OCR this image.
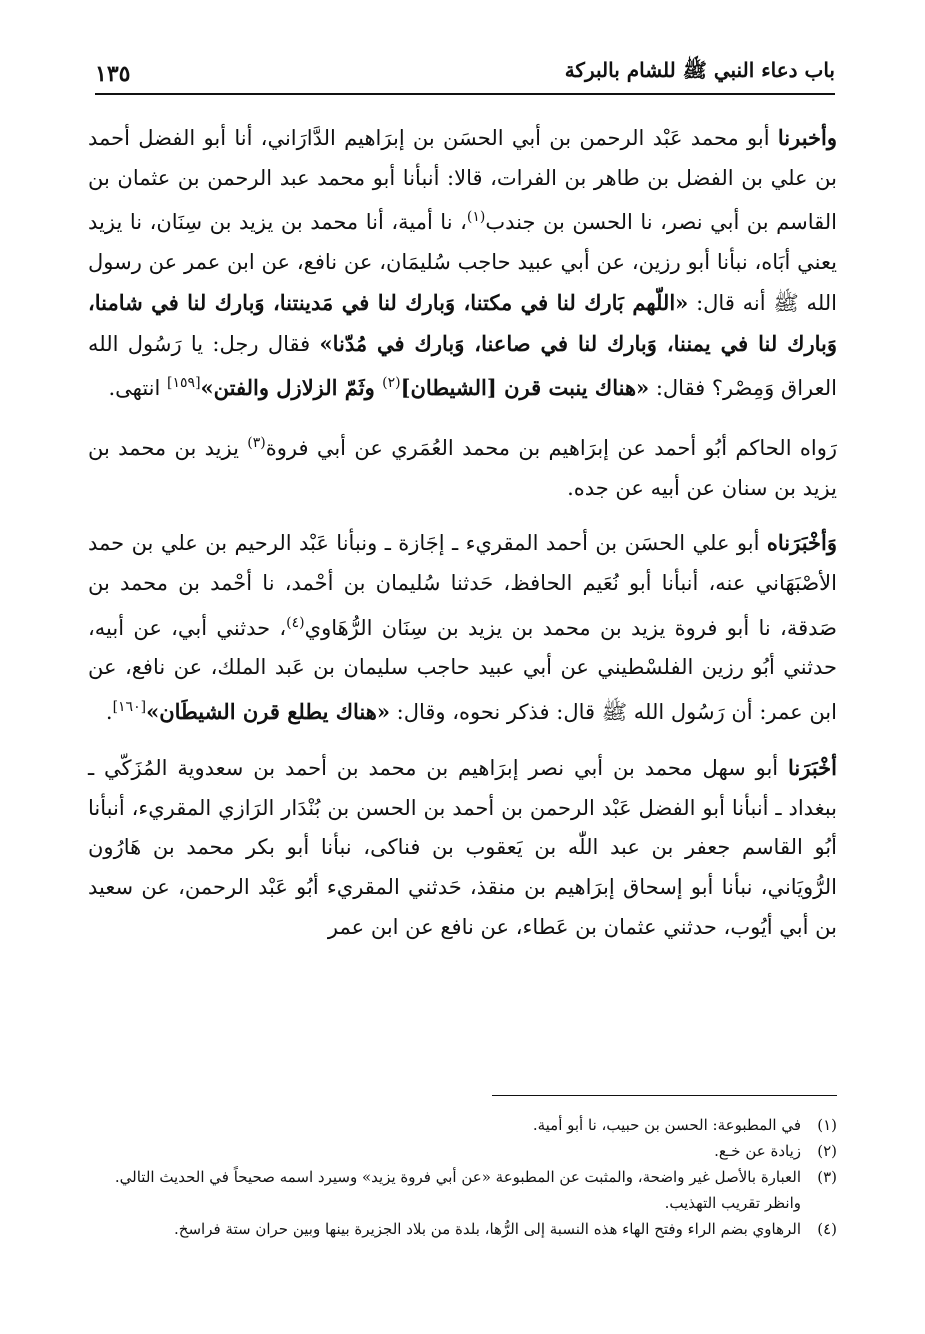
باب دعاء النبي ﷺ للشام بالبركة
١٣٥

وأخبرنا أبو محمد عَبْد الرحمن بن أبي الحسَن بن إبرَاهيم الدَّارَاني، أنا أبو الفضل أحمد بن علي بن الفضل بن طاهر بن الفرات، قالا: أنبأنا أبو محمد عبد الرحمن بن عثمان بن القاسم بن أبي نصر، نا الحسن بن جندب$^{(١)}$، نا أمية، أنا محمد بن يزيد بن سِنَان، نا يزيد يعني أبَاه، نبأنا أبو رزين، عن أبي عبيد حاجب سُليمَان، عن نافع، عن ابن عمر عن رسول الله ﷺ أنه قال: «اللّهم بَارك لنا في مكتنا، وَبارك لنا في مَدينتنا، وَبارك لنا في شامنا، وَبارك لنا في يمننا، وَبارك لنا في صاعنا، وَبارك في مُدّنا» فقال رجل: يا رَسُول الله العراق وَمِصْر؟ فقال: «هناك ينبت قرن [الشيطان]$^{(٢)}$ وثَمّ الزلازل والفتن»[١٥٩] انتهى.

رَواه الحاكم أبُو أحمد عن إبرَاهيم بن محمد العُمَري عن أبي فروة$^{(٣)}$ يزيد بن محمد بن يزيد بن سنان عن أبيه عن جده.

وَأخْبَرَناه أبو علي الحسَن بن أحمد المقريء ـ إجَازة ـ ونبأنا عَبْد الرحيم بن علي بن حمد الأصْبَهَاني عنه، أنبأنا أبو نُعَيم الحافظ، حَدثنا سُليمان بن أحْمد، نا أحْمد بن محمد بن صَدقة، نا أبو فروة يزيد بن محمد بن يزيد بن سِنَان الرُّهَاوي$^{(٤)}$، حدثني أبي، عن أبيه، حدثني أبُو رزين الفلسْطيني عن أبي عبيد حاجب سليمان بن عَبد الملك، عن نافع، عن ابن عمر: أن رَسُول الله ﷺ قال: فذكر نحوه، وقال: «هناك يطلع قرن الشيطَان»[١٦٠].

أخْبَرَنا أبو سهل محمد بن أبي نصر إبرَاهيم بن محمد بن أحمد بن سعدوية المُزَكّي ـ ببغداد ـ أنبأنا أبو الفضل عَبْد الرحمن بن أحمد بن الحسن بن بُنْدَار الرَازي المقريء، أنبأنا أبُو القاسم جعفر بن عبد اللّٰه بن يَعقوب بن فناكى، نبأنا أبو بكر محمد بن هَارُون الرُّويَاني، نبأنا أبو إسحاق إبرَاهيم بن منقذ، حَدثني المقريء أبُو عَبْد الرحمن، عن سعيد بن أبي أيُوب، حدثني عثمان بن عَطاء، عن نافع عن ابن عمر

(١)
في المطبوعة: الحسن بن حبيب، نا أبو أمية.
(٢)
زيادة عن خـع.
(٣)
العبارة بالأصل غير واضحة، والمثبت عن المطبوعة «عن أبي فروة يزيد» وسيرد اسمه صحيحاً في الحديث التالي. وانظر تقريب التهذيب.
(٤)
الرهاوي بضم الراء وفتح الهاء هذه النسبة إلى الرُّها، بلدة من بلاد الجزيرة بينها وبين حران ستة فراسخ.
